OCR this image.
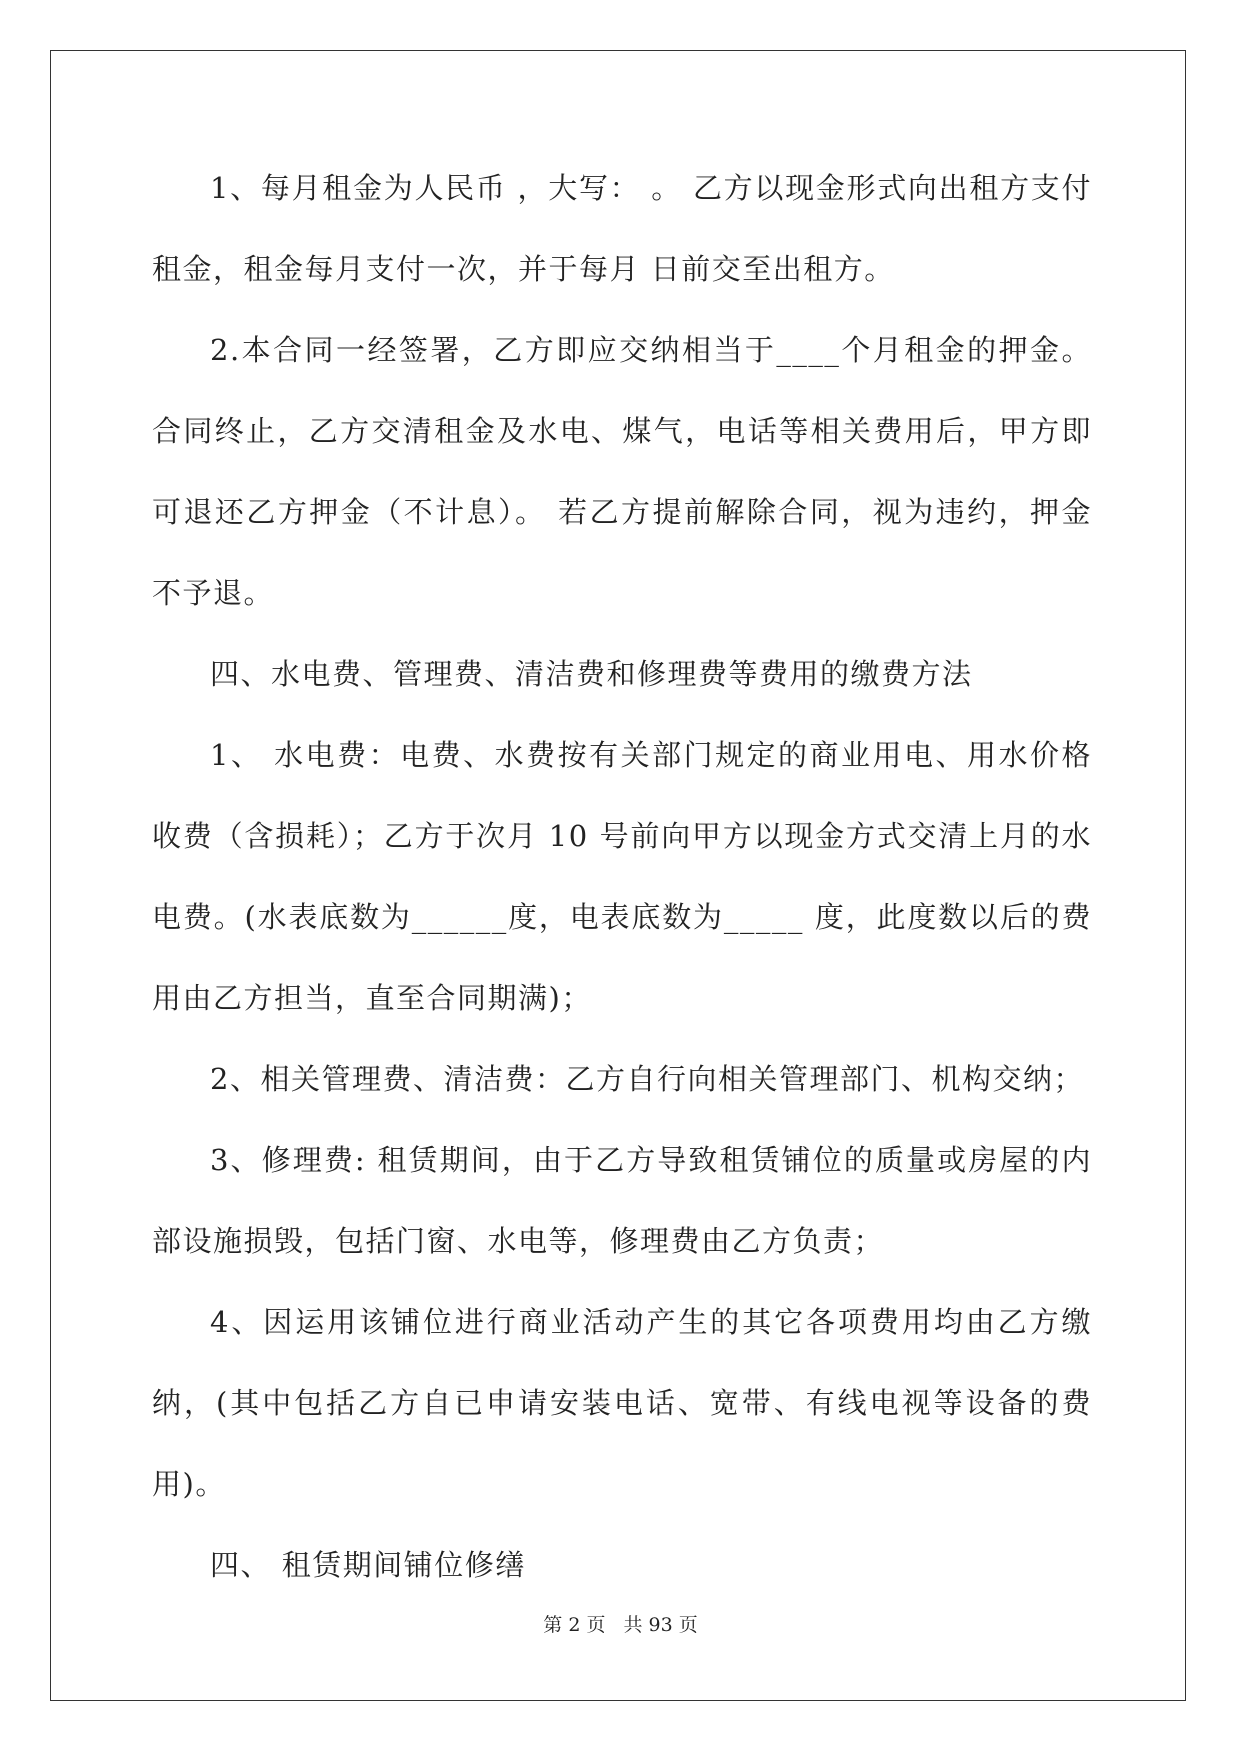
1、每月租金为人民币 ，大写： 。 乙方以现金形式向出租方支付租金，租金每月支付一次，并于每月 日前交至出租方。

2.本合同一经签署，乙方即应交纳相当于____个月租金的押金。合同终止，乙方交清租金及水电、煤气，电话等相关费用后，甲方即可退还乙方押金（不计息）。 若乙方提前解除合同，视为违约，押金不予退。

四、水电费、管理费、清洁费和修理费等费用的缴费方法

1、 水电费：电费、水费按有关部门规定的商业用电、用水价格收费（含损耗）；乙方于次月 10 号前向甲方以现金方式交清上月的水电费。(水表底数为______度，电表底数为_____ 度，此度数以后的费用由乙方担当，直至合同期满)；

2、相关管理费、清洁费：乙方自行向相关管理部门、机构交纳；

3、修理费: 租赁期间，由于乙方导致租赁铺位的质量或房屋的内部设施损毁，包括门窗、水电等，修理费由乙方负责；

4、因运用该铺位进行商业活动产生的其它各项费用均由乙方缴纳，(其中包括乙方自已申请安装电话、宽带、有线电视等设备的费用)。

四、 租赁期间铺位修缮

第 2 页 共 93 页
